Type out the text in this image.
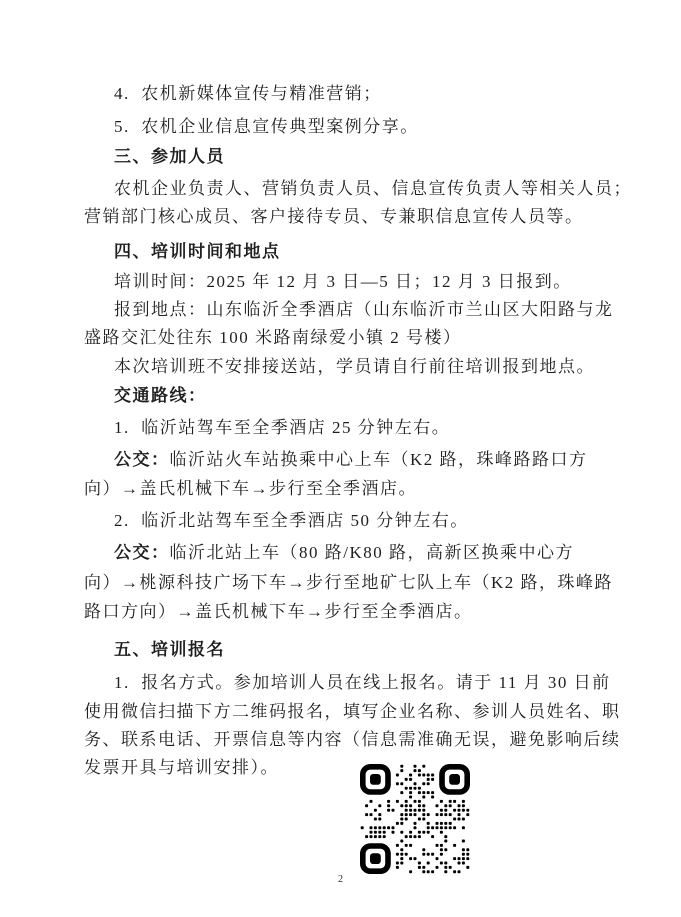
4.  农机新媒体宣传与精准营销；
5.  农机企业信息宣传典型案例分享。
三、参加人员
农机企业负责人、营销负责人员、信息宣传负责人等相关人员；
营销部门核心成员、客户接待专员、专兼职信息宣传人员等。
四、培训时间和地点
培训时间：2025 年 12 月 3 日—5 日；12 月 3 日报到。
报到地点：山东临沂全季酒店（山东临沂市兰山区大阳路与龙
盛路交汇处往东 100 米路南绿爱小镇 2 号楼）
本次培训班不安排接送站，学员请自行前往培训报到地点。
交通路线：
1.  临沂站驾车至全季酒店 25 分钟左右。
公交：临沂站火车站换乘中心上车（K2 路，珠峰路路口方
向）→盖氏机械下车→步行至全季酒店。
2.  临沂北站驾车至全季酒店 50 分钟左右。
公交：临沂北站上车（80 路/K80 路，高新区换乘中心方
向）→桃源科技广场下车→步行至地矿七队上车（K2 路，珠峰路
路口方向）→盖氏机械下车→步行至全季酒店。
五、培训报名
1.  报名方式。参加培训人员在线上报名。请于 11 月 30 日前
使用微信扫描下方二维码报名，填写企业名称、参训人员姓名、职
务、联系电话、开票信息等内容（信息需准确无误，避免影响后续
发票开具与培训安排）。
2
